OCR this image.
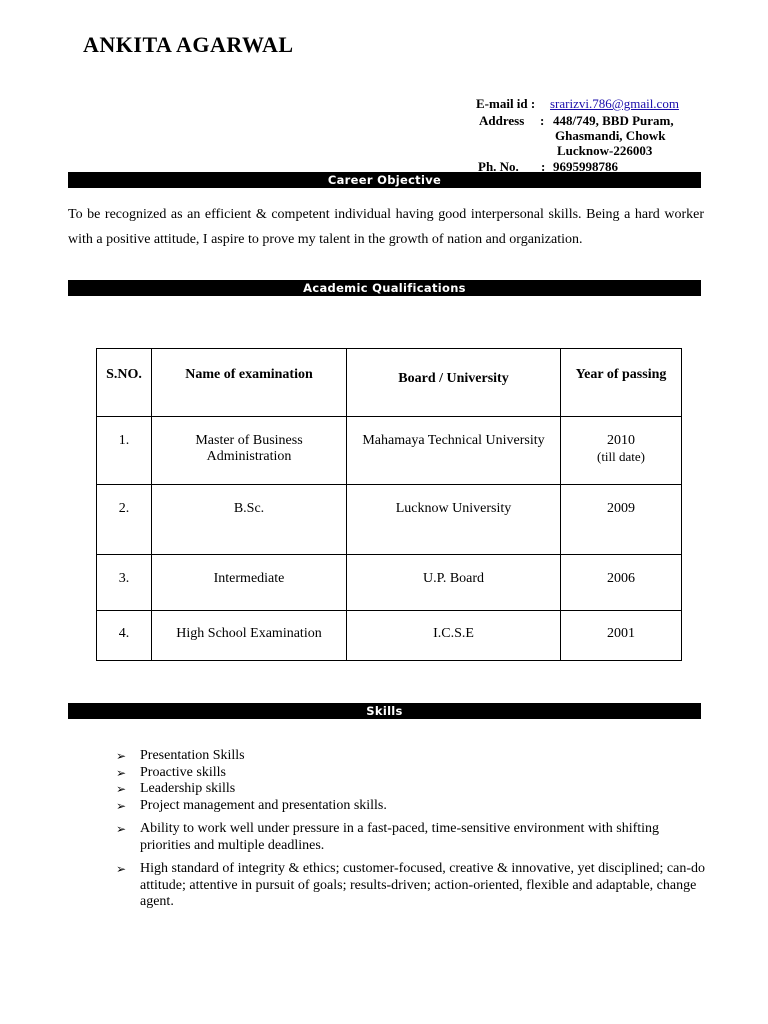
ANKITA AGARWAL
E-mail id : srarizvi.786@gmail.com
Address : 448/749, BBD Puram,
Ghasmandi, Chowk
Lucknow-226003
Ph. No. : 9695998786
Career Objective
To be recognized as an efficient & competent individual having good interpersonal skills. Being a hard worker with a positive attitude, I aspire to prove my talent in the growth of nation and organization.
Academic Qualifications
S.NO.	Name of examination	Board / University	Year of passing
1.	Master of Business Administration	Mahamaya Technical University	2010
(till date)

2.	B.Sc.	Lucknow University	2009
3.	Intermediate	U.P. Board	2006
4.	High School Examination	I.C.S.E	2001
Skills
➢ Presentation Skills
➢ Proactive skills
➢ Leadership skills
➢ Project management and presentation skills.
➢ Ability to work well under pressure in a fast-paced, time-sensitive environment with shifting priorities and multiple deadlines.
➢ High standard of integrity & ethics; customer-focused, creative & innovative, yet disciplined; can-do attitude; attentive in pursuit of goals; results-driven; action-oriented, flexible and adaptable, change agent.
